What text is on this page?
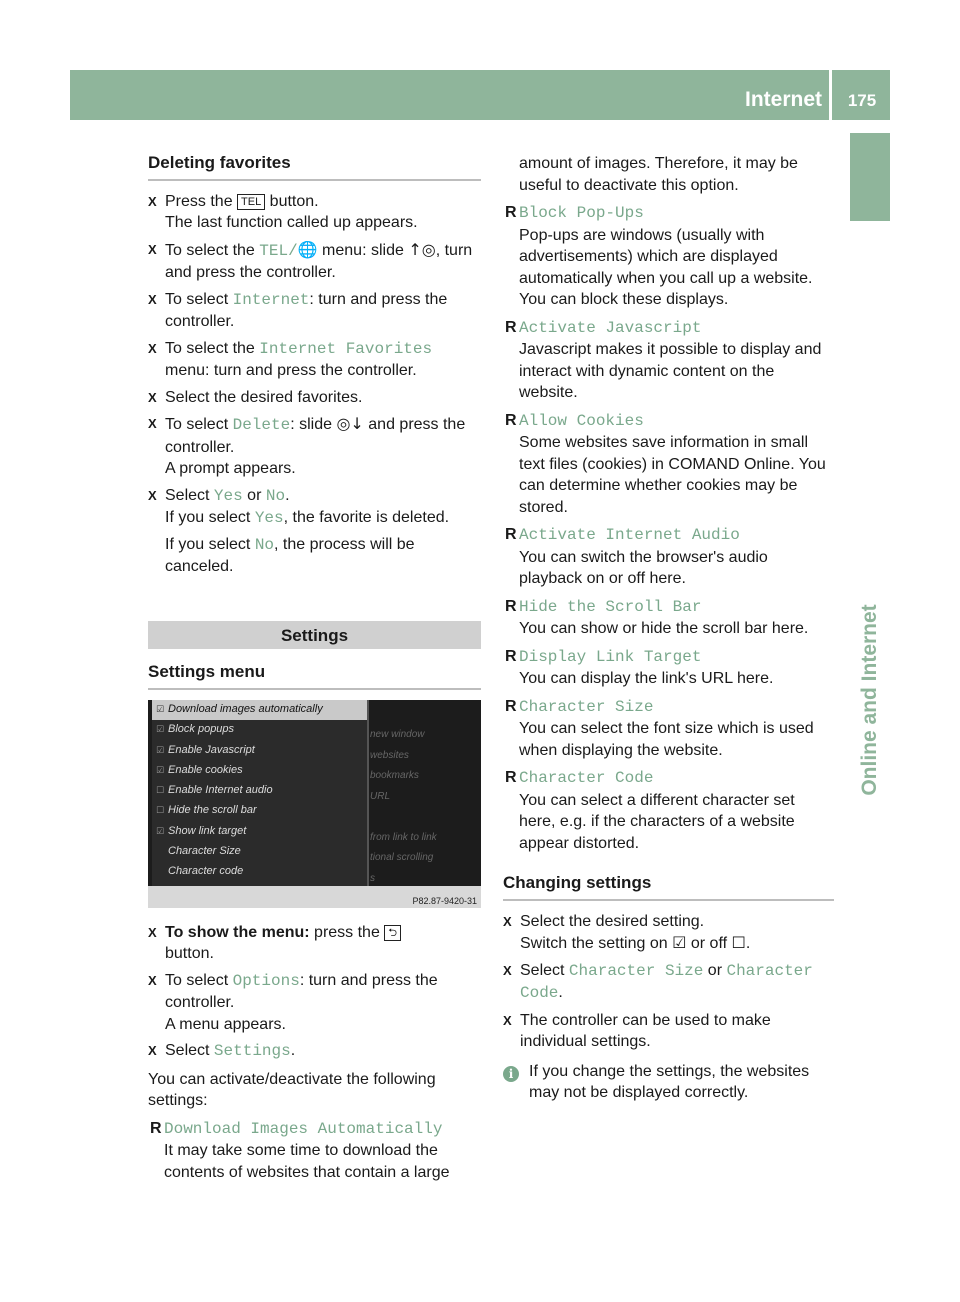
Internet	175
Online and Internet
Deleting favorites
X Press the TEL button.
The last function called up appears.
X To select the TEL/🌐 menu: slide ↑◎, turn and press the controller.
X To select Internet: turn and press the controller.
X To select the Internet Favorites menu: turn and press the controller.
X Select the desired favorites.
X To select Delete: slide ◎↓ and press the controller.
A prompt appears.
X Select Yes or No.
If you select Yes, the favorite is deleted.
If you select No, the process will be canceled.
Settings
Settings menu
new window
websites
bookmarks
URL
from link to link
tional scrolling
s
☑ Download images automatically
☑ Block popups
☑ Enable Javascript
☑ Enable cookies
☐ Enable Internet audio
☐ Hide the scroll bar
☑ Show link target
Character Size
Character code
P82.87-9420-31
X To show the menu: press the ⮌
button.
X To select Options: turn and press the controller.
A menu appears.
X Select Settings.
You can activate/deactivate the following settings:
R Download Images Automatically
It may take some time to download the contents of websites that contain a large
amount of images. Therefore, it may be useful to deactivate this option.
R Block Pop-Ups
Pop-ups are windows (usually with advertisements) which are displayed automatically when you call up a website. You can block these displays.
R Activate Javascript
Javascript makes it possible to display and interact with dynamic content on the website.
R Allow Cookies
Some websites save information in small text files (cookies) in COMAND Online. You can determine whether cookies may be stored.
R Activate Internet Audio
You can switch the browser's audio playback on or off here.
R Hide the Scroll Bar
You can show or hide the scroll bar here.
R Display Link Target
You can display the link's URL here.
R Character Size
You can select the font size which is used when displaying the website.
R Character Code
You can select a different character set here, e.g. if the characters of a website appear distorted.
Changing settings
X Select the desired setting.
Switch the setting on ☑ or off ☐.
X Select Character Size or Character Code.
X The controller can be used to make individual settings.
i If you change the settings, the websites may not be displayed correctly.
